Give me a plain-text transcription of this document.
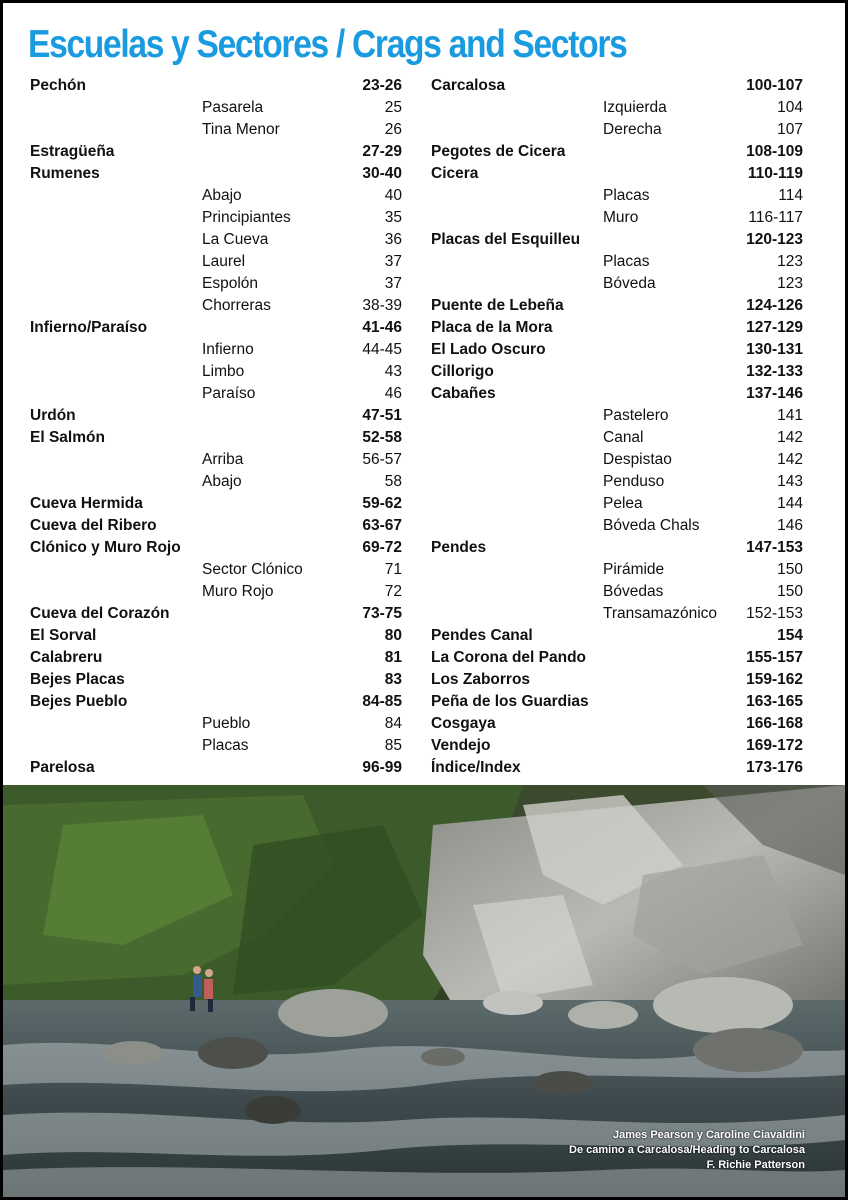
Escuelas y Sectores / Crags and Sectors
Pechón	23-26
Pasarela	25
Tina Menor	26
Estragüeña	27-29
Rumenes	30-40
Abajo	40
Principiantes	35
La Cueva	36
Laurel	37
Espolón	37
Chorreras	38-39
Infierno/Paraíso	41-46
Infierno	44-45
Limbo	43
Paraíso	46
Urdón	47-51
El Salmón	52-58
Arriba	56-57
Abajo	58
Cueva Hermida	59-62
Cueva del Ribero	63-67
Clónico y Muro Rojo	69-72
Sector Clónico	71
Muro Rojo	72
Cueva del Corazón	73-75
El Sorval	80
Calabreru	81
Bejes Placas	83
Bejes Pueblo	84-85
Pueblo	84
Placas	85
Parelosa	96-99
Carcalosa	100-107
Izquierda	104
Derecha	107
Pegotes de Cicera	108-109
Cicera	110-119
Placas	114
Muro	116-117
Placas del Esquilleu	120-123
Placas	123
Bóveda	123
Puente de Lebeña	124-126
Placa de la Mora	127-129
El Lado Oscuro	130-131
Cillorigo	132-133
Cabañes	137-146
Pastelero	141
Canal	142
Despistao	142
Penduso	143
Pelea	144
Bóveda Chals	146
Pendes	147-153
Pirámide	150
Bóvedas	150
Transamazónico 152-153
Pendes Canal	154
La Corona del Pando	155-157
Los Zaborros	159-162
Peña de los Guardias	163-165
Cosgaya	166-168
Vendejo	169-172
Índice/Index	173-176
James Pearson y Caroline Ciavaldini
De camino a Carcalosa/Heading to Carcalosa
F. Richie Patterson
